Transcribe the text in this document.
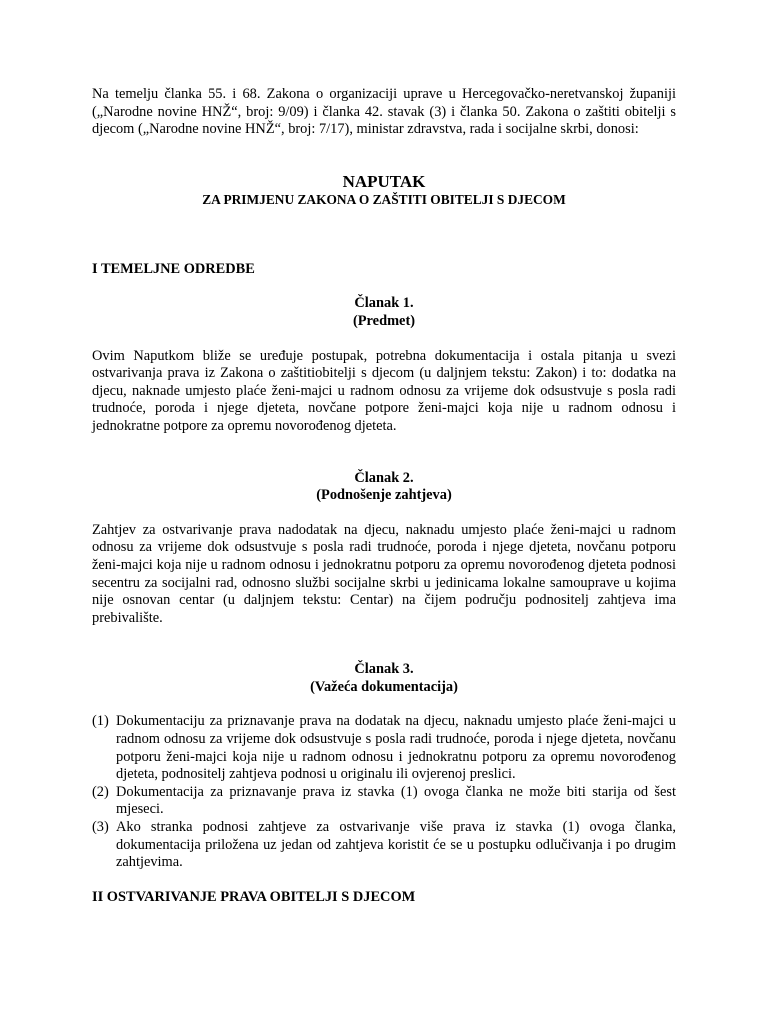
Na temelju članka 55. i 68. Zakona o organizaciji uprave u Hercegovačko-neretvanskoj županiji („Narodne novine HNŽ“, broj: 9/09) i članka 42. stavak (3) i članka 50. Zakona o zaštiti obitelji s djecom („Narodne novine HNŽ“, broj: 7/17), ministar zdravstva, rada i socijalne skrbi, donosi:

NAPUTAK

ZA PRIMJENU ZAKONA O ZAŠTITI OBITELJI S DJECOM

I TEMELJNE ODREDBE

Članak 1.

(Predmet)

Ovim Naputkom bliže se uređuje postupak, potrebna dokumentacija i ostala pitanja u svezi ostvarivanja prava iz Zakona o zaštitiobitelji s djecom (u daljnjem tekstu: Zakon) i to: dodatka na djecu, naknade umjesto plaće ženi-majci u radnom odnosu za vrijeme dok odsustvuje s posla radi trudnoće, poroda i njege djeteta, novčane potpore ženi-majci koja nije u radnom odnosu i jednokratne potpore za opremu novorođenog djeteta.

Članak 2.

(Podnošenje zahtjeva)

Zahtjev za ostvarivanje prava nadodatak na djecu, naknadu umjesto plaće ženi-majci u radnom odnosu za vrijeme dok odsustvuje s posla radi trudnoće, poroda i njege djeteta, novčanu potporu ženi-majci koja nije u radnom odnosu i jednokratnu potporu za opremu novorođenog djeteta podnosi secentru za socijalni rad, odnosno službi socijalne skrbi u jedinicama lokalne samouprave u kojima nije osnovan centar (u daljnjem tekstu: Centar) na čijem području podnositelj zahtjeva ima prebivalište.

Članak 3.

(Važeća dokumentacija)

(1) Dokumentaciju za priznavanje prava na dodatak na djecu, naknadu umjesto plaće ženi-majci u radnom odnosu za vrijeme dok odsustvuje s posla radi trudnoće, poroda i njege djeteta, novčanu potporu ženi-majci koja nije u radnom odnosu i jednokratnu potporu za opremu novorođenog djeteta, podnositelj zahtjeva podnosi u originalu ili ovjerenoj preslici.
(2) Dokumentacija za priznavanje prava iz stavka (1) ovoga članka ne može biti starija od šest mjeseci.
(3) Ako stranka podnosi zahtjeve za ostvarivanje više prava iz stavka (1) ovoga članka, dokumentacija priložena uz jedan od zahtjeva koristit će se u postupku odlučivanja i po drugim zahtjevima.

II OSTVARIVANJE PRAVA OBITELJI S DJECOM
